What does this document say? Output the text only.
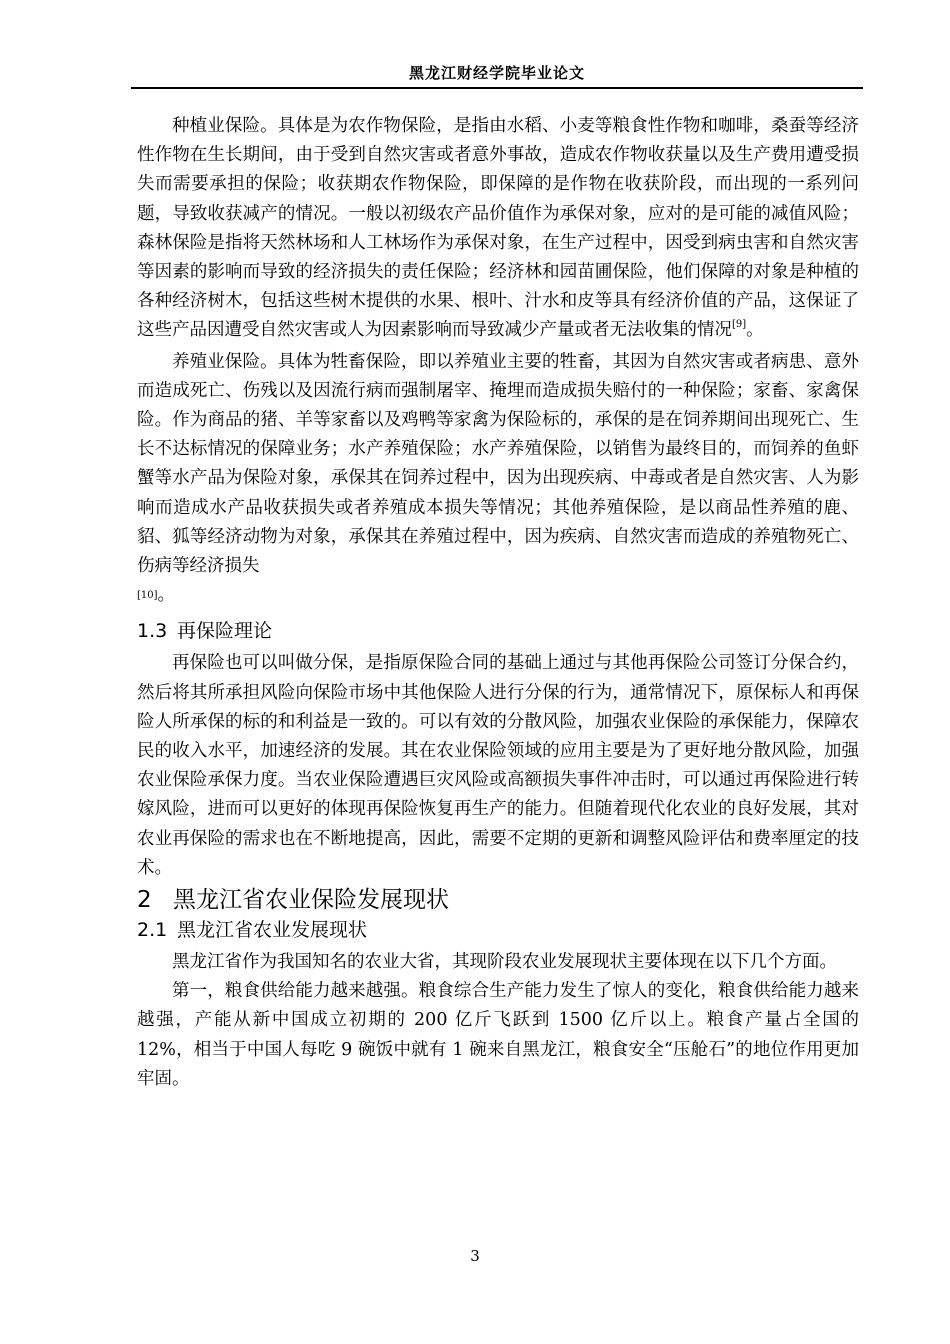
黑龙江财经学院毕业论文

种植业保险。具体是为农作物保险，是指由水稻、小麦等粮食性作物和咖啡，桑蚕等经济性作物在生长期间，由于受到自然灾害或者意外事故，造成农作物收获量以及生产费用遭受损失而需要承担的保险；收获期农作物保险，即保障的是作物在收获阶段，而出现的一系列问题，导致收获减产的情况。一般以初级农产品价值作为承保对象，应对的是可能的减值风险；森林保险是指将天然林场和人工林场作为承保对象，在生产过程中，因受到病虫害和自然灾害等因素的影响而导致的经济损失的责任保险；经济林和园苗圃保险，他们保障的对象是种植的各种经济树木，包括这些树木提供的水果、根叶、汁水和皮等具有经济价值的产品，这保证了这些产品因遭受自然灾害或人为因素影响而导致减少产量或者无法收集的情况[9]。

养殖业保险。具体为牲畜保险，即以养殖业主要的牲畜，其因为自然灾害或者病患、意外而造成死亡、伤残以及因流行病而强制屠宰、掩埋而造成损失赔付的一种保险；家畜、家禽保险。作为商品的猪、羊等家畜以及鸡鸭等家禽为保险标的，承保的是在饲养期间出现死亡、生长不达标情况的保障业务；水产养殖保险；水产养殖保险，以销售为最终目的，而饲养的鱼虾蟹等水产品为保险对象，承保其在饲养过程中，因为出现疾病、中毒或者是自然灾害、人为影响而造成水产品收获损失或者养殖成本损失等情况；其他养殖保险，是以商品性养殖的鹿、貂、狐等经济动物为对象，承保其在养殖过程中，因为疾病、自然灾害而造成的养殖物死亡、伤病等经济损失
[10]。

1.3 再保险理论

再保险也可以叫做分保，是指原保险合同的基础上通过与其他再保险公司签订分保合约，然后将其所承担风险向保险市场中其他保险人进行分保的行为，通常情况下，原保标人和再保险人所承保的标的和利益是一致的。可以有效的分散风险，加强农业保险的承保能力，保障农民的收入水平，加速经济的发展。其在农业保险领域的应用主要是为了更好地分散风险，加强农业保险承保力度。当农业保险遭遇巨灾风险或高额损失事件冲击时，可以通过再保险进行转嫁风险，进而可以更好的体现再保险恢复再生产的能力。但随着现代化农业的良好发展，其对农业再保险的需求也在不断地提高，因此，需要不定期的更新和调整风险评估和费率厘定的技术。

2 黑龙江省农业保险发展现状
2.1 黑龙江省农业发展现状

黑龙江省作为我国知名的农业大省，其现阶段农业发展现状主要体现在以下几个方面。

第一，粮食供给能力越来越强。粮食综合生产能力发生了惊人的变化，粮食供给能力越来越强，产能从新中国成立初期的 200 亿斤飞跃到 1500 亿斤以上。粮食产量占全国的 12%，相当于中国人每吃 9 碗饭中就有 1 碗来自黑龙江，粮食安全“压舱石”的地位作用更加牢固。

3
